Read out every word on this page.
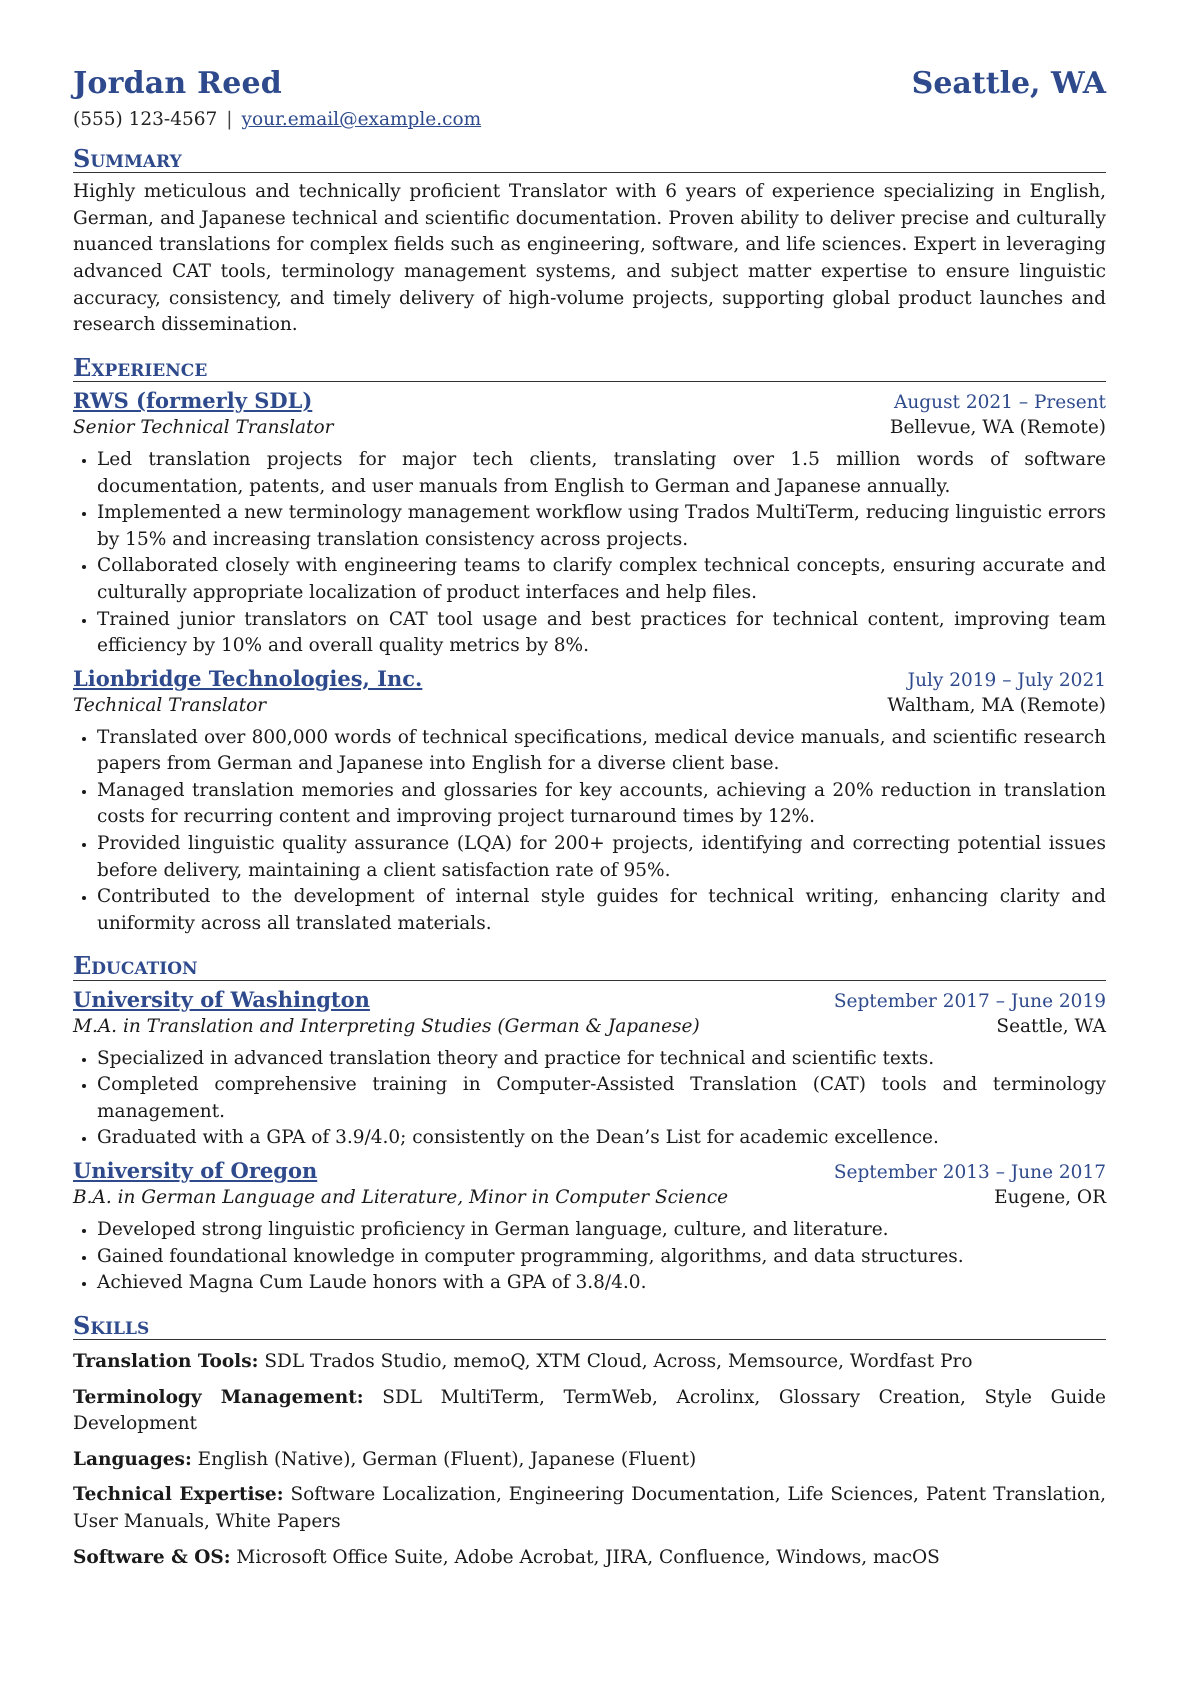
Jordan Reed	Seattle, WA
(555) 123-4567 | your.email@example.com
Summary
Highly meticulous and technically proficient Translator with 6 years of experience specializing in English, German, and Japanese technical and scientific documentation. Proven ability to deliver precise and culturally nuanced translations for complex fields such as engineering, software, and life sciences. Expert in leveraging advanced CAT tools, terminology management systems, and subject matter expertise to ensure linguistic accuracy, consistency, and timely delivery of high-volume projects, supporting global product launches and research dissemination.
Experience
RWS (formerly SDL)	August 2021 – Present
Senior Technical Translator	Bellevue, WA (Remote)
• Led translation projects for major tech clients, translating over 1.5 million words of software documentation, patents, and user manuals from English to German and Japanese annually.
• Implemented a new terminology management workflow using Trados MultiTerm, reducing linguistic errors by 15% and increasing translation consistency across projects.
• Collaborated closely with engineering teams to clarify complex technical concepts, ensuring accurate and culturally appropriate localization of product interfaces and help files.
• Trained junior translators on CAT tool usage and best practices for technical content, improving team efficiency by 10% and overall quality metrics by 8%.
Lionbridge Technologies, Inc.	July 2019 – July 2021
Technical Translator	Waltham, MA (Remote)
• Translated over 800,000 words of technical specifications, medical device manuals, and scientific research papers from German and Japanese into English for a diverse client base.
• Managed translation memories and glossaries for key accounts, achieving a 20% reduction in translation costs for recurring content and improving project turnaround times by 12%.
• Provided linguistic quality assurance (LQA) for 200+ projects, identifying and correcting potential issues before delivery, maintaining a client satisfaction rate of 95%.
• Contributed to the development of internal style guides for technical writing, enhancing clarity and uniformity across all translated materials.
Education
University of Washington	September 2017 – June 2019
M.A. in Translation and Interpreting Studies (German & Japanese)	Seattle, WA
• Specialized in advanced translation theory and practice for technical and scientific texts.
• Completed comprehensive training in Computer-Assisted Translation (CAT) tools and terminology management.
• Graduated with a GPA of 3.9/4.0; consistently on the Dean’s List for academic excellence.
University of Oregon	September 2013 – June 2017
B.A. in German Language and Literature, Minor in Computer Science	Eugene, OR
• Developed strong linguistic proficiency in German language, culture, and literature.
• Gained foundational knowledge in computer programming, algorithms, and data structures.
• Achieved Magna Cum Laude honors with a GPA of 3.8/4.0.
Skills
Translation Tools: SDL Trados Studio, memoQ, XTM Cloud, Across, Memsource, Wordfast Pro
Terminology Management: SDL MultiTerm, TermWeb, Acrolinx, Glossary Creation, Style Guide Development
Languages: English (Native), German (Fluent), Japanese (Fluent)
Technical Expertise: Software Localization, Engineering Documentation, Life Sciences, Patent Translation, User Manuals, White Papers
Software & OS: Microsoft Office Suite, Adobe Acrobat, JIRA, Confluence, Windows, macOS
